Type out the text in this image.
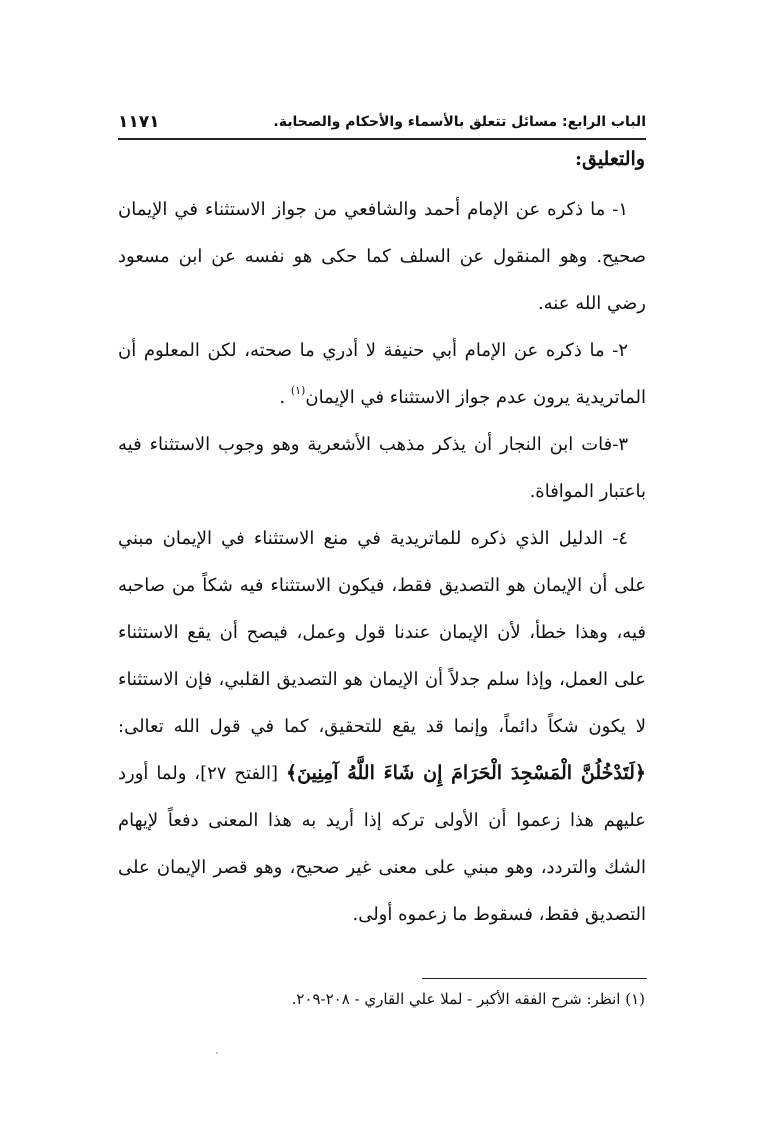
الباب الرابع: مسائل تتعلق بالأسماء والأحكام والصحابة.
١١٧١
والتعليق:

١- ما ذكره عن الإمام أحمد والشافعي من جواز الاستثناء في الإيمان صحيح. وهو المنقول عن السلف كما حكى هو نفسه عن ابن مسعود رضي الله عنه.

٢- ما ذكره عن الإمام أبي حنيفة لا أدري ما صحته، لكن المعلوم أن الماتريدية يرون عدم جواز الاستثناء في الإيمان$^{(١)}$ .

٣-فات ابن النجار أن يذكر مذهب الأشعرية وهو وجوب الاستثناء فيه باعتبار الموافاة.

٤- الدليل الذي ذكره للماتريدية في منع الاستثناء في الإيمان مبني على أن الإيمان هو التصديق فقط، فيكون الاستثناء فيه شكاً من صاحبه فيه، وهذا خطأ، لأن الإيمان عندنا قول وعمل، فيصح أن يقع الاستثناء على العمل، وإذا سلم جدلاً أن الإيمان هو التصديق القلبي، فإن الاستثناء لا يكون شكاً دائماً، وإنما قد يقع للتحقيق، كما في قول الله تعالى: ﴿لَتَدْخُلُنَّ الْمَسْجِدَ الْحَرَامَ إِن شَاءَ اللَّهُ آمِنِينَ﴾ [الفتح ٢٧]، ولما أورد عليهم هذا زعموا أن الأولى تركه إذا أريد به هذا المعنى دفعاً لإيهام الشك والتردد، وهو مبني على معنى غير صحيح، وهو قصر الإيمان على التصديق فقط، فسقوط ما زعموه أولى.

(١) انظر: شرح الفقه الأكبر - لملا علي القاري - ٢٠٨-٢٠٩.
